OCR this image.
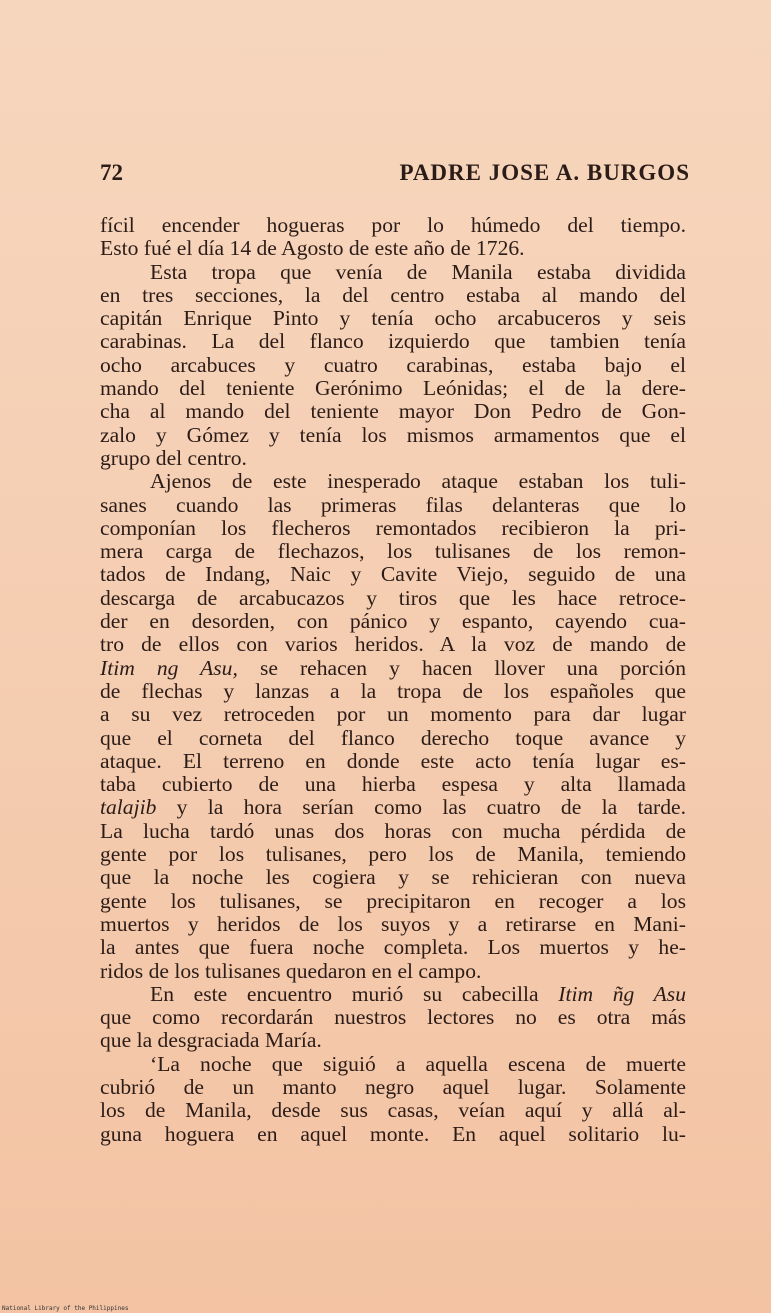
72	PADRE JOSE A. BURGOS

fícil encender hogueras por lo húmedo del tiempo.

Esto fué el día 14 de Agosto de este año de 1726.

Esta tropa que venía de Manila estaba dividida

en tres secciones, la del centro estaba al mando del

capitán Enrique Pinto y tenía ocho arcabuceros y seis

carabinas. La del flanco izquierdo que tambien tenía

ocho arcabuces y cuatro carabinas, estaba bajo el

mando del teniente Gerónimo Leónidas; el de la dere-

cha al mando del teniente mayor Don Pedro de Gon-

zalo y Gómez y tenía los mismos armamentos que el

grupo del centro.

Ajenos de este inesperado ataque estaban los tuli-

sanes cuando las primeras filas delanteras que lo

componían los flecheros remontados recibieron la pri-

mera carga de flechazos, los tulisanes de los remon-

tados de Indang, Naic y Cavite Viejo, seguido de una

descarga de arcabucazos y tiros que les hace retroce-

der en desorden, con pánico y espanto, cayendo cua-

tro de ellos con varios heridos. A la voz de mando de

Itim ng Asu, se rehacen y hacen llover una porción

de flechas y lanzas a la tropa de los españoles que

a su vez retroceden por un momento para dar lugar

que el corneta del flanco derecho toque avance y

ataque. El terreno en donde este acto tenía lugar es-

taba cubierto de una hierba espesa y alta llamada

talajib y la hora serían como las cuatro de la tarde.

La lucha tardó unas dos horas con mucha pérdida de

gente por los tulisanes, pero los de Manila, temiendo

que la noche les cogiera y se rehicieran con nueva

gente los tulisanes, se precipitaron en recoger a los

muertos y heridos de los suyos y a retirarse en Mani-

la antes que fuera noche completa. Los muertos y he-

ridos de los tulisanes quedaron en el campo.

En este encuentro murió su cabecilla Itim ñg Asu

que como recordarán nuestros lectores no es otra más

que la desgraciada María.

‘La noche que siguió a aquella escena de muerte

cubrió de un manto negro aquel lugar. Solamente

los de Manila, desde sus casas, veían aquí y allá al-

guna hoguera en aquel monte. En aquel solitario lu-

National Library of the Philippines
